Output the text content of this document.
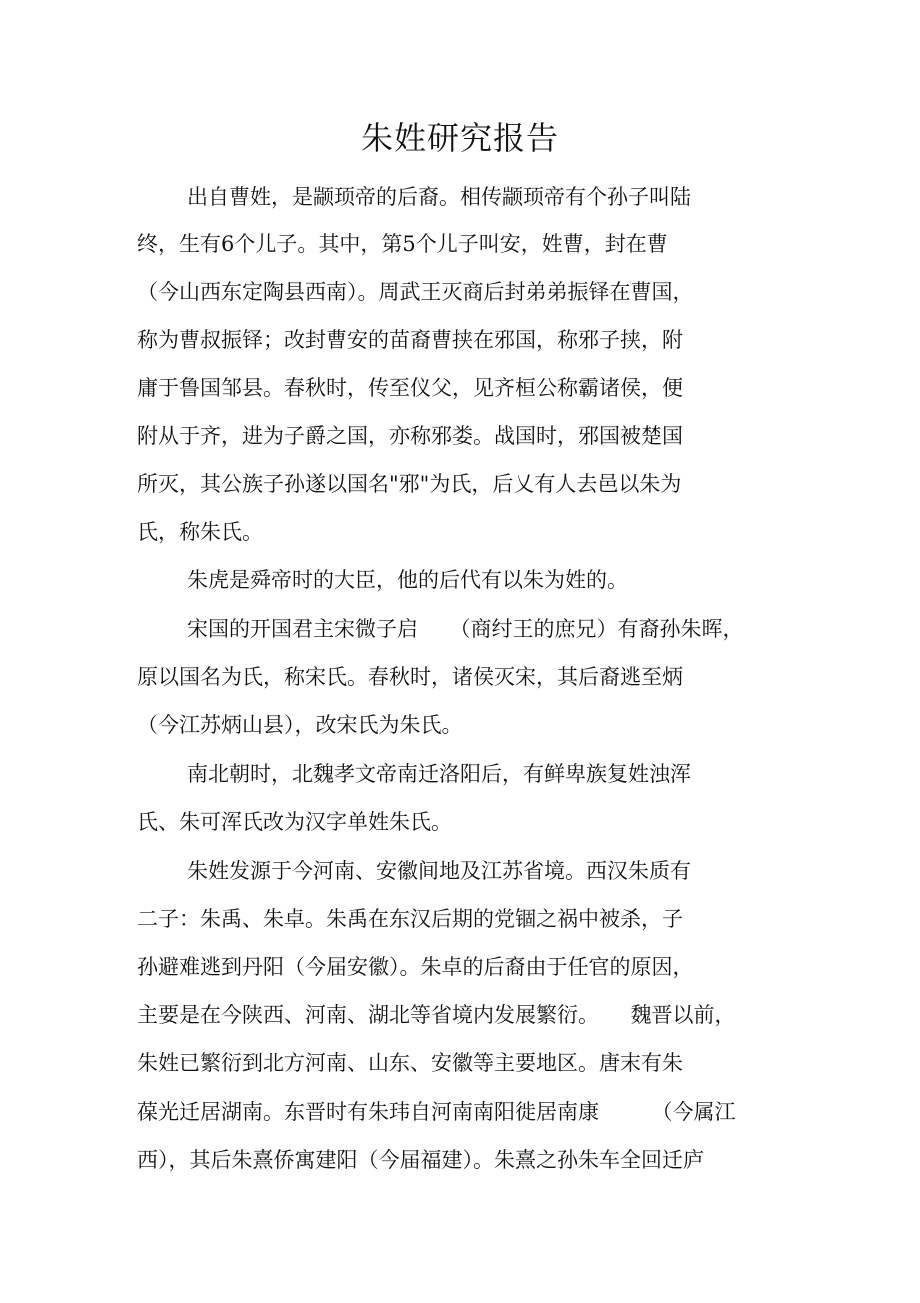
朱姓研究报告
出自曹姓，是颛顼帝的后裔。相传颛顼帝有个孙子叫陆
终，生有6个儿子。其中，第5个儿子叫安，姓曹，封在曹
（今山西东定陶县西南）。周武王灭商后封弟弟振铎在曹国，
称为曹叔振铎；改封曹安的苗裔曹挟在邪国，称邪子挟，附
庸于鲁国邹县。春秋时，传至仪父，见齐桓公称霸诸侯，便
附从于齐，进为子爵之国，亦称邪娄。战国时，邪国被楚国
所灭，其公族子孙遂以国名"邪"为氏，后乂有人去邑以朱为
氏，称朱氏。
朱虎是舜帝时的大臣，他的后代有以朱为姓的。
宋国的开国君主宋微子启　　（商纣王的庶兄）有裔孙朱晖，
原以国名为氏，称宋氏。春秋时，诸侯灭宋，其后裔逃至炳
（今江苏炳山县），改宋氏为朱氏。
南北朝时，北魏孝文帝南迁洛阳后，有鲜卑族复姓浊浑
氏、朱可浑氏改为汉字单姓朱氏。
朱姓发源于今河南、安徽间地及江苏省境。西汉朱质有
二子：朱禹、朱卓。朱禹在东汉后期的党锢之祸中被杀，子
孙避难逃到丹阳（今届安徽）。朱卓的后裔由于任官的原因，
主要是在今陕西、河南、湖北等省境内发展繁衍。　　魏晋以前，
朱姓已繁衍到北方河南、山东、安徽等主要地区。唐末有朱
葆光迁居湖南。东晋时有朱玮自河南南阳徙居南康　　　（今属江
西），其后朱熹侨寓建阳（今届福建）。朱熹之孙朱车全回迁庐
